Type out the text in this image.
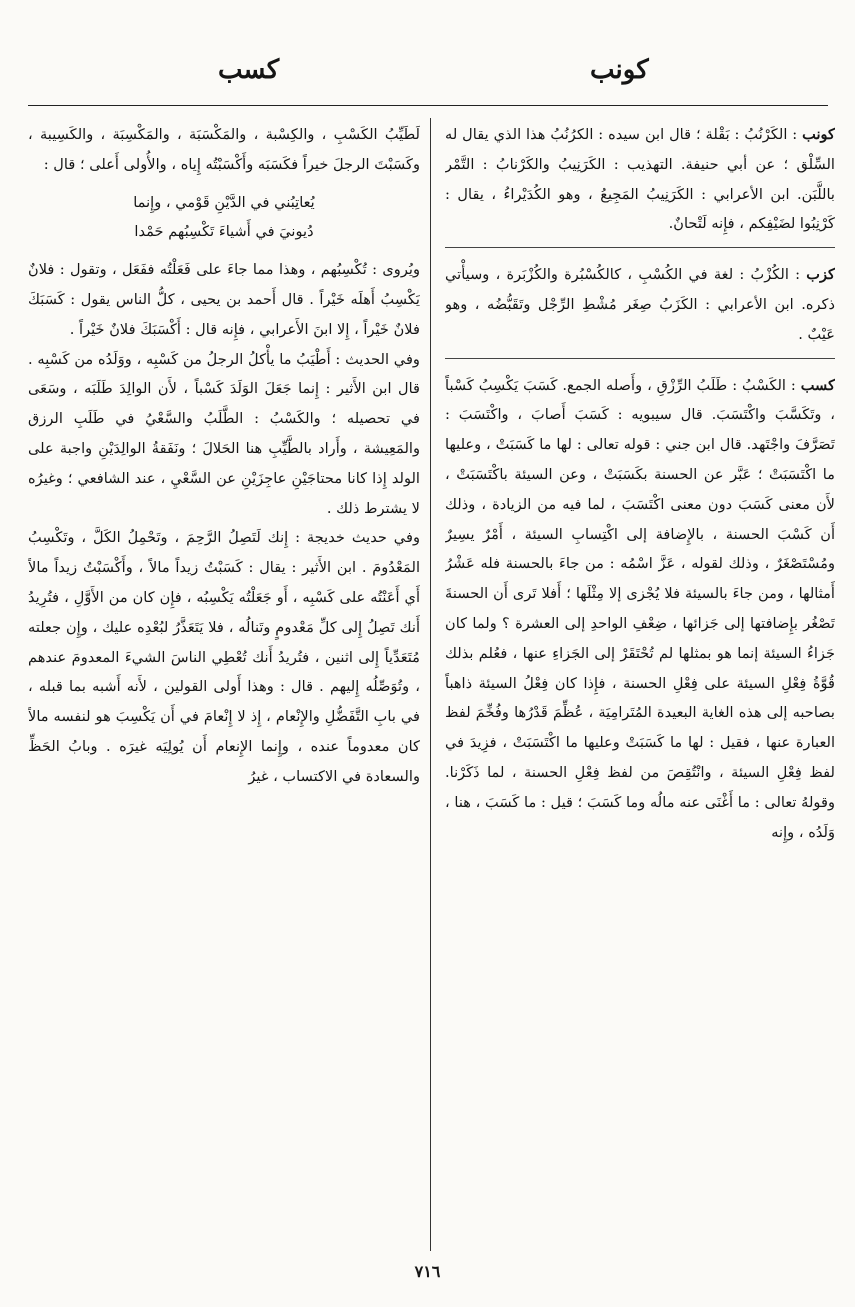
كونب
كسب

كونب : الكَرْنُبُ : بَقْلة ؛ قال ابن سيده : الكرُنُبُ هذا الذي يقال له السِّلْق ؛ عن أبي حنيفة. التهذيب : الكَرَنِيبُ والكَرْنابُ : التَّمْر باللَّبَن. ابن الأعرابي : الكَرَنِيبُ المَجِيعُ ، وهو الكُدَيْراءُ ، يقال : كَرْنِبُوا لضَيْفِكم ، فإِنه لَتْحانٌ.

كزب : الكُزْبُ : لغة في الكُسْبِ ، كالكُسْبُرة والكُزْبَرة ، وسيأْتي ذكره. ابن الأعرابي : الكَزَبُ صِغَر مُشْطِ الرِّجْل وتَقَبُّضُه ، وهو عَيْبٌ .

كسب : الكَسْبُ : طَلَبُ الرِّزْقِ ، وأَصله الجمع. كَسَبَ يَكْسِبُ كَسْباً ، وتَكَسَّبَ واكْتَسَبَ. قال سيبويه : كَسَبَ أَصابَ ، واكْتَسَبَ : تَصَرَّفَ واجْتَهد. قال ابن جني : قوله تعالى : لها ما كَسَبَتْ ، وعليها ما اكْتَسَبَتْ ؛ عَبَّر عن الحسنة بكَسَبَتْ ، وعن السيئة باكْتَسَبَتْ ، لأَن معنى كَسَبَ دون معنى اكْتَسَبَ ، لما فيه من الزيادة ، وذلك أَن كَسْبَ الحسنة ، بالإِضافة إلى اكْتِسابِ السيئة ، أَمْرٌ يسِيرٌ ومُسْتَصْغَرٌ ، وذلك لقوله ، عَزَّ اسْمُه : من جاءَ بالحسنة فله عَشْرُ أَمثالها ، ومن جاءَ بالسيئة فلا يُجْزى إلا مِثْلَها ؛ أَفلا تَرى أَن الحسنةَ تَصْغُر بإِضافتها إلى جَزائها ، ضِعْفِ الواحدِ إلى العشرة ؟ ولما كان جَزاءُ السيئة إنما هو بمثلها لم تُحْتَقَرْ إلى الجَزاءِ عنها ، فعُلم بذلك قُوَّةُ فِعْلِ السيئة على فِعْلِ الحسنة ، فإِذا كان فِعْلُ السيئة ذاهباً بصاحبه إلى هذه الغاية البعيدة المُتَرامِيَة ، عُظِّمَ قَدْرُها وفُخِّمَ لفظ العبارة عنها ، فقيل : لها ما كَسَبَتْ وعليها ما اكْتَسَبَتْ ، فزِيدَ في لفظ فِعْلِ السيئة ، وانْتُقِصَ من لفظ فِعْلِ الحسنة ، لما ذَكَرْنا. وقولهُ تعالى : ما أَغْنَى عنه مالُه وما كَسَبَ ؛ قيل : ما كَسَبَ ، هنا ، وَلَدُه ، وإِنه

لَطَيِّبُ الكَسْبِ ، والكِسْبة ، والمَكْسَبَة ، والمَكْسِبَة ، والكَسِيبة ، وكَسَبْتَ الرجلَ خيراً فكَسَبَه وأَكْسَبْتُه إِياه ، والأُولى أَعلى ؛ قال :

يُعاتِبُني في الدَّيْنِ قَوْمي ، وإِنما
دُيونيَ في أَشياءَ تَكْسِبُهم حَمْدا

ويُروى : تُكْسِبُهم ، وهذا مما جاءَ على فَعَلْتُه ففَعَل ، وتقول : فلانٌ يَكْسِبُ أَهلَه خَيْراً . قال أَحمد بن يحيى ، كلُّ الناس يقول : كَسَبَكَ فلانٌ خَيْراً ، إِلا ابنَ الأَعرابي ، فإِنه قال : أَكْسَبَكَ فلانٌ خَيْراً .

وفي الحديث : أَطْيَبُ ما يأْكلُ الرجلُ من كَسْبِه ، ووَلَدُه من كَسْبِه . قال ابن الأَثير : إِنما جَعَلَ الوَلَدَ كَسْباً ، لأَن الوالِدَ طَلَبَه ، وسَعَى في تحصيله ؛ والكَسْبُ : الطَّلَبُ والسَّعْيُ في طَلَبِ الرزق والمَعِيشة ، وأَراد بالطَّيِّبِ هنا الحَلالَ ؛ ونَفَقةُ الوالِدَيْنِ واجبة على الولد إِذا كانا محتاجَيْنِ عاجِزَيْنِ عن السَّعْيِ ، عند الشافعي ؛ وغيرُه لا يشترط ذلك .

وفي حديث خديجة : إِنك لَتَصِلُ الرَّحِمَ ، وتَحْمِلُ الكَلَّ ، وتَكْسِبُ المَعْدُومَ . ابن الأَثير : يقال : كَسَبْتُ زيداً مالاً ، وأَكْسَبْتُ زيداً مالاً أَي أَعَنْتُه على كَسْبِه ، أَو جَعَلْتُه يَكْسِبُه ، فإِن كان من الأَوَّلِ ، فتُرِيدُ أَنك تَصِلُ إِلى كلِّ مَعْدومٍ وتَنالُه ، فلا يَتَعَذَّرُ لبُعْدِه عليك ، وإِن جعلته مُتَعَدِّياً إِلى اثنين ، فتُريدُ أَنك تُعْطِي الناسَ الشيءَ المعدومَ عندهم ، وتُوَصِّلُه إِليهم . قال : وهذا أَولى القولين ، لأَنه أَشبه بما قبله ، في بابِ التَّفَضُّلِ والإِنْعام ، إِذ لا إِنْعامَ في أَن يَكْسِبَ هو لنفسه مالاً كان معدوماً عنده ، وإِنما الإِنعام أَن يُولِيَه غيرَه . وبابُ الحَظِّ والسعادة في الاكتساب ، غيرُ

٧١٦
